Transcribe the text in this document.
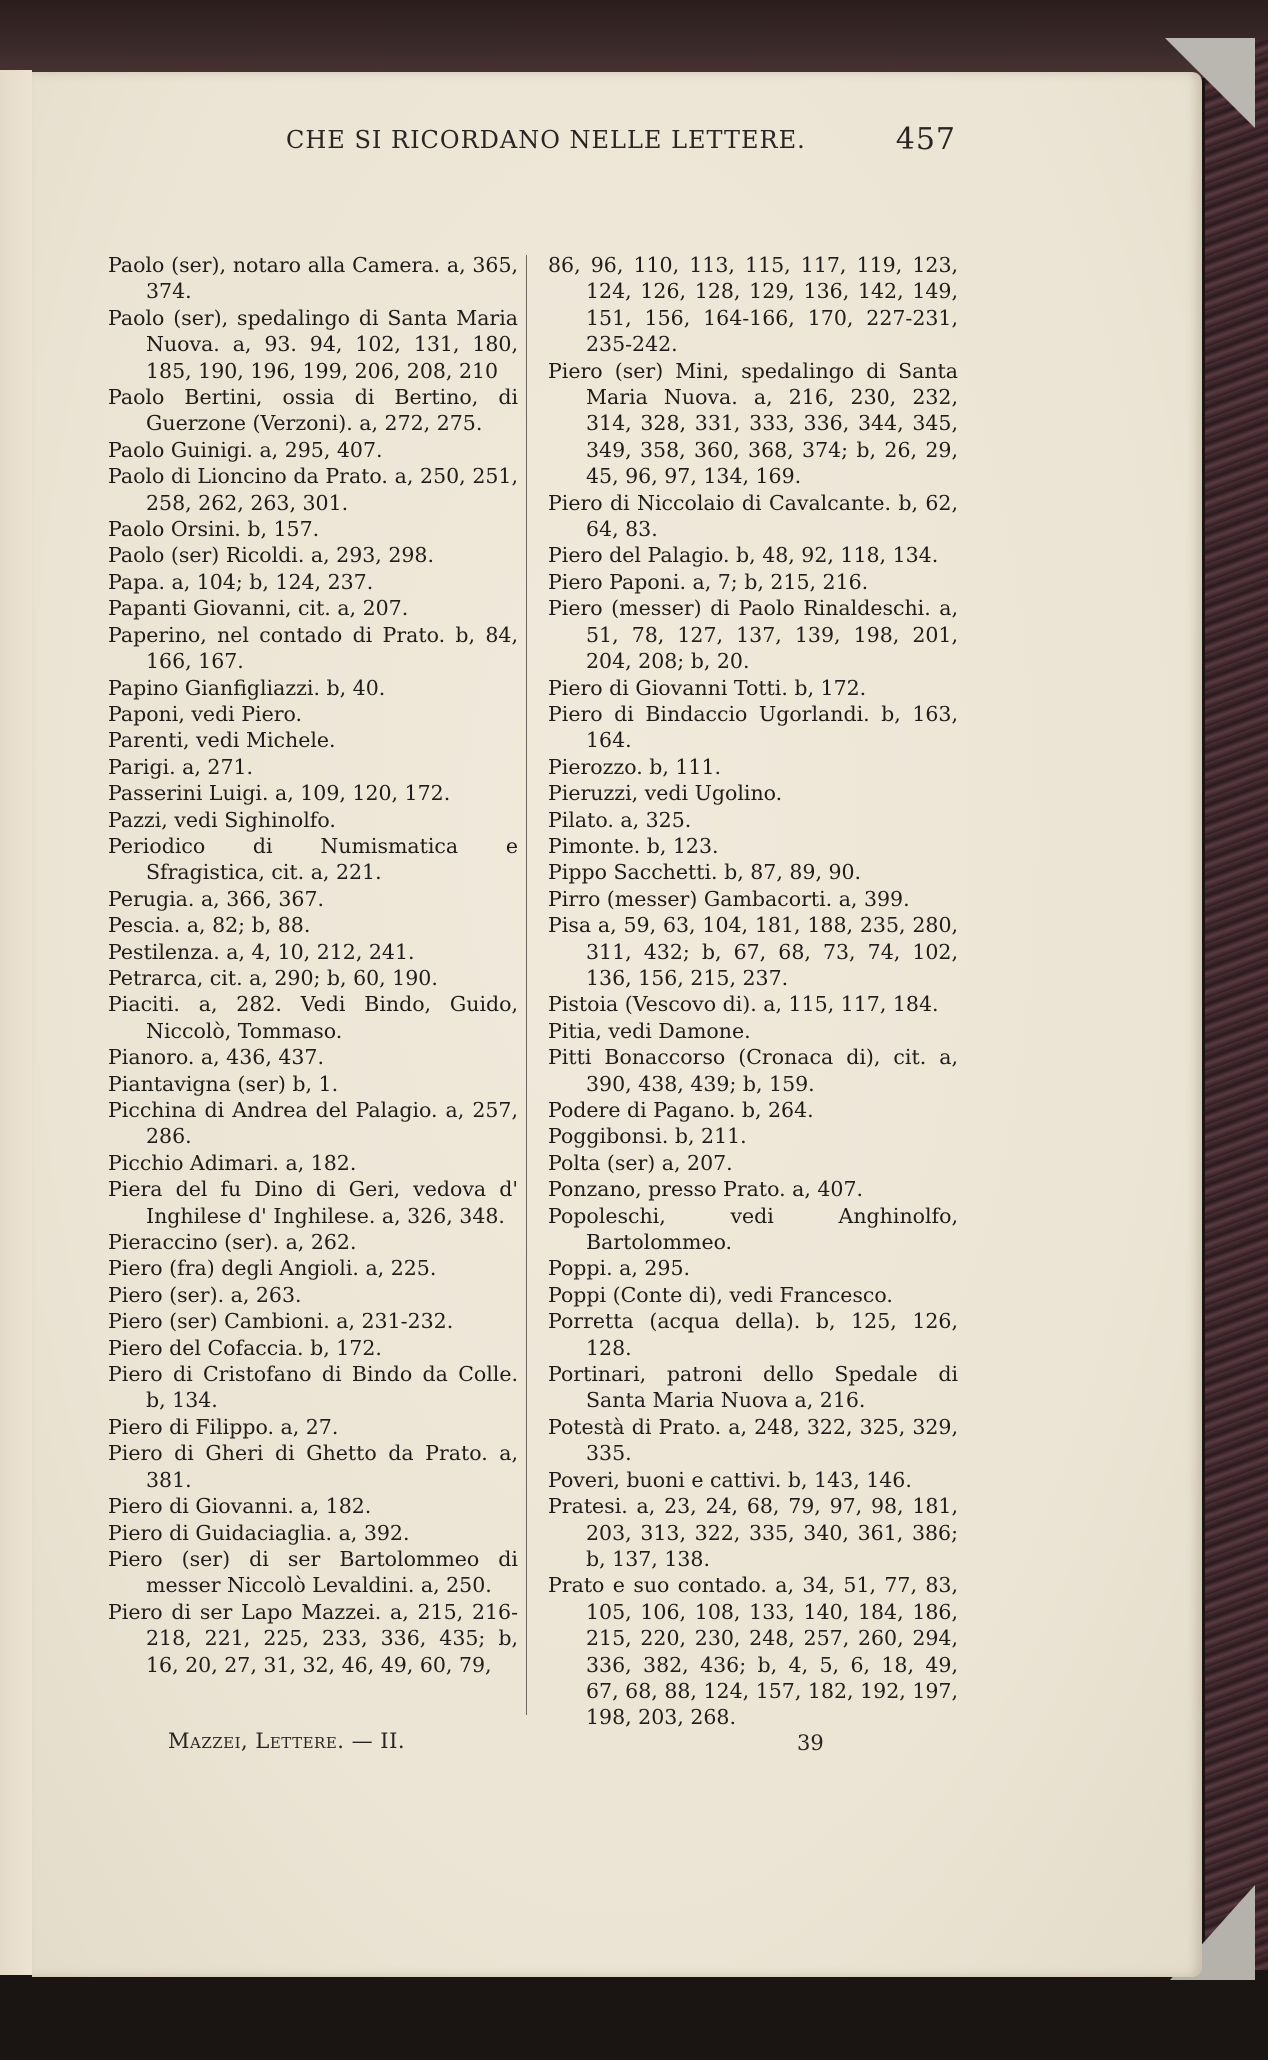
CHE SI RICORDANO NELLE LETTERE.	457

Paolo (ser), notaro alla Camera. a, 365, 374.

Paolo (ser), spedalingo di Santa Maria Nuova. a, 93. 94, 102, 131, 180, 185, 190, 196, 199, 206, 208, 210

Paolo Bertini, ossia di Bertino, di Guerzone (Verzoni). a, 272, 275.

Paolo Guinigi. a, 295, 407.

Paolo di Lioncino da Prato. a, 250, 251, 258, 262, 263, 301.

Paolo Orsini. b, 157.

Paolo (ser) Ricoldi. a, 293, 298.

Papa. a, 104; b, 124, 237.

Papanti Giovanni, cit. a, 207.

Paperino, nel contado di Prato. b, 84, 166, 167.

Papino Gianfigliazzi. b, 40.

Paponi, vedi Piero.

Parenti, vedi Michele.

Parigi. a, 271.

Passerini Luigi. a, 109, 120, 172.

Pazzi, vedi Sighinolfo.

Periodico di Numismatica e Sfragistica, cit. a, 221.

Perugia. a, 366, 367.

Pescia. a, 82; b, 88.

Pestilenza. a, 4, 10, 212, 241.

Petrarca, cit. a, 290; b, 60, 190.

Piaciti. a, 282. Vedi Bindo, Guido, Niccolò, Tommaso.

Pianoro. a, 436, 437.

Piantavigna (ser) b, 1.

Picchina di Andrea del Palagio. a, 257, 286.

Picchio Adimari. a, 182.

Piera del fu Dino di Geri, vedova d' Inghilese d' Inghilese. a, 326, 348.

Pieraccino (ser). a, 262.

Piero (fra) degli Angioli. a, 225.

Piero (ser). a, 263.

Piero (ser) Cambioni. a, 231-232.

Piero del Cofaccia. b, 172.

Piero di Cristofano di Bindo da Colle. b, 134.

Piero di Filippo. a, 27.

Piero di Gheri di Ghetto da Prato. a, 381.

Piero di Giovanni. a, 182.

Piero di Guidaciaglia. a, 392.

Piero (ser) di ser Bartolommeo di messer Niccolò Levaldini. a, 250.

Piero di ser Lapo Mazzei. a, 215, 216-218, 221, 225, 233, 336, 435; b, 16, 20, 27, 31, 32, 46, 49, 60, 79,

86, 96, 110, 113, 115, 117, 119, 123, 124, 126, 128, 129, 136, 142, 149, 151, 156, 164-166, 170, 227-231, 235-242.

Piero (ser) Mini, spedalingo di Santa Maria Nuova. a, 216, 230, 232, 314, 328, 331, 333, 336, 344, 345, 349, 358, 360, 368, 374; b, 26, 29, 45, 96, 97, 134, 169.

Piero di Niccolaio di Cavalcante. b, 62, 64, 83.

Piero del Palagio. b, 48, 92, 118, 134.

Piero Paponi. a, 7; b, 215, 216.

Piero (messer) di Paolo Rinaldeschi. a, 51, 78, 127, 137, 139, 198, 201, 204, 208; b, 20.

Piero di Giovanni Totti. b, 172.

Piero di Bindaccio Ugorlandi. b, 163, 164.

Pierozzo. b, 111.

Pieruzzi, vedi Ugolino.

Pilato. a, 325.

Pimonte. b, 123.

Pippo Sacchetti. b, 87, 89, 90.

Pirro (messer) Gambacorti. a, 399.

Pisa a, 59, 63, 104, 181, 188, 235, 280, 311, 432; b, 67, 68, 73, 74, 102, 136, 156, 215, 237.

Pistoia (Vescovo di). a, 115, 117, 184.

Pitia, vedi Damone.

Pitti Bonaccorso (Cronaca di), cit. a, 390, 438, 439; b, 159.

Podere di Pagano. b, 264.

Poggibonsi. b, 211.

Polta (ser) a, 207.

Ponzano, presso Prato. a, 407.

Popoleschi, vedi Anghinolfo, Bartolommeo.

Poppi. a, 295.

Poppi (Conte di), vedi Francesco.

Porretta (acqua della). b, 125, 126, 128.

Portinari, patroni dello Spedale di Santa Maria Nuova a, 216.

Potestà di Prato. a, 248, 322, 325, 329, 335.

Poveri, buoni e cattivi. b, 143, 146.

Pratesi. a, 23, 24, 68, 79, 97, 98, 181, 203, 313, 322, 335, 340, 361, 386; b, 137, 138.

Prato e suo contado. a, 34, 51, 77, 83, 105, 106, 108, 133, 140, 184, 186, 215, 220, 230, 248, 257, 260, 294, 336, 382, 436; b, 4, 5, 6, 18, 49, 67, 68, 88, 124, 157, 182, 192, 197, 198, 203, 268.

Mazzei, Lettere. — II.	39
